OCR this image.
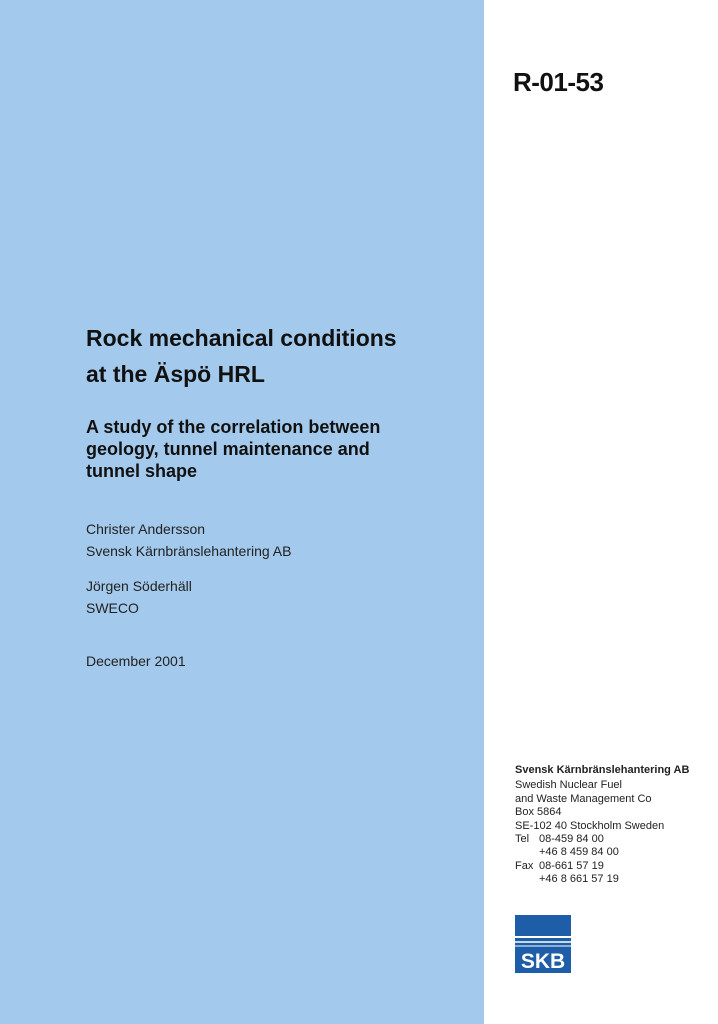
R-01-53
Rock mechanical conditions
at the Äspö HRL
A study of the correlation between
geology, tunnel maintenance and
tunnel shape
Christer Andersson
Svensk Kärnbränslehantering AB
Jörgen Söderhäll
SWECO
December 2001
Svensk Kärnbränslehantering AB
Swedish Nuclear Fuel
and Waste Management Co
Box 5864
SE-102 40 Stockholm Sweden
Tel 08-459 84 00
+46 8 459 84 00
Fax 08-661 57 19
+46 8 661 57 19
SKB
